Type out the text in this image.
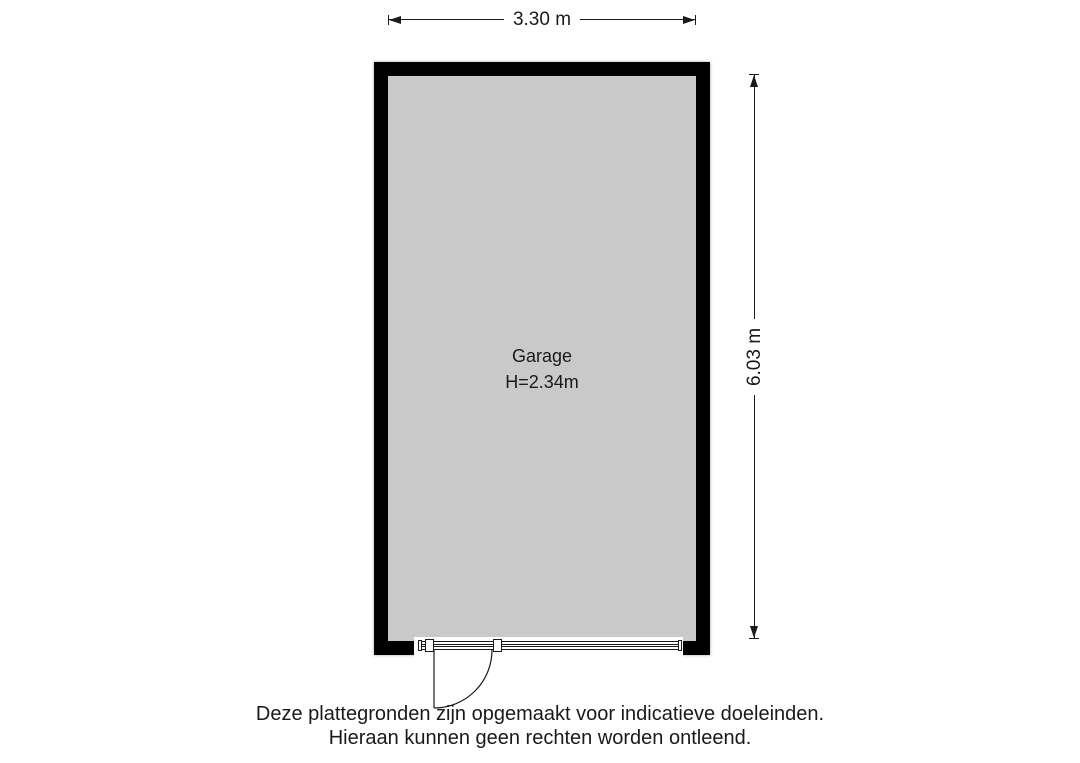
3.30 m
Garage
H=2.34m	6.03 m
Deze plattegronden zijn opgemaakt voor indicatieve doeleinden.
Hieraan kunnen geen rechten worden ontleend.
